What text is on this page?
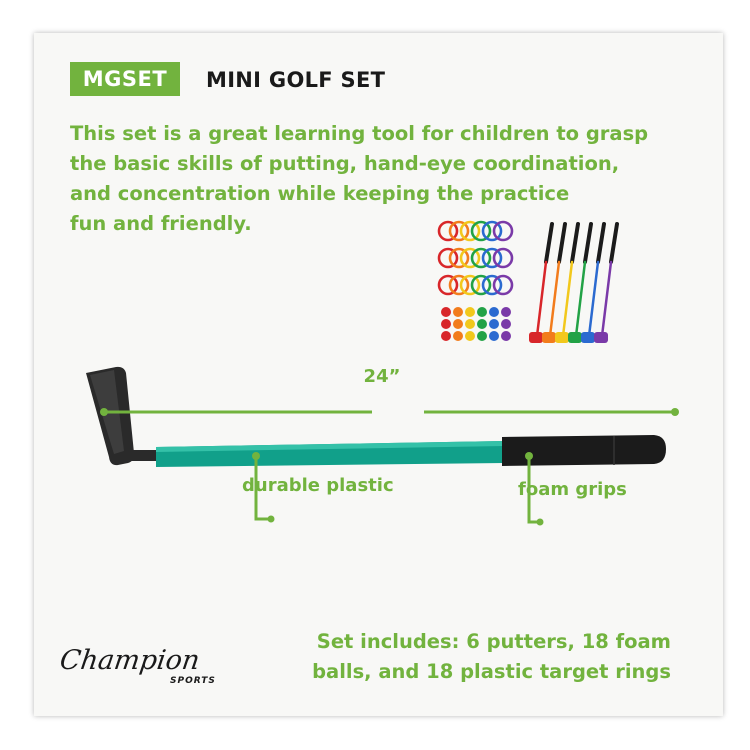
MGSET	MINI GOLF SET
This set is a great learning tool for children to grasp
the basic skills of putting, hand-eye coordination,
and concentration while keeping the practice
fun and friendly.
24”
durable plastic	foam grips
Champion
SPORTS
Set includes: 6 putters, 18 foam
balls, and 18 plastic target rings
